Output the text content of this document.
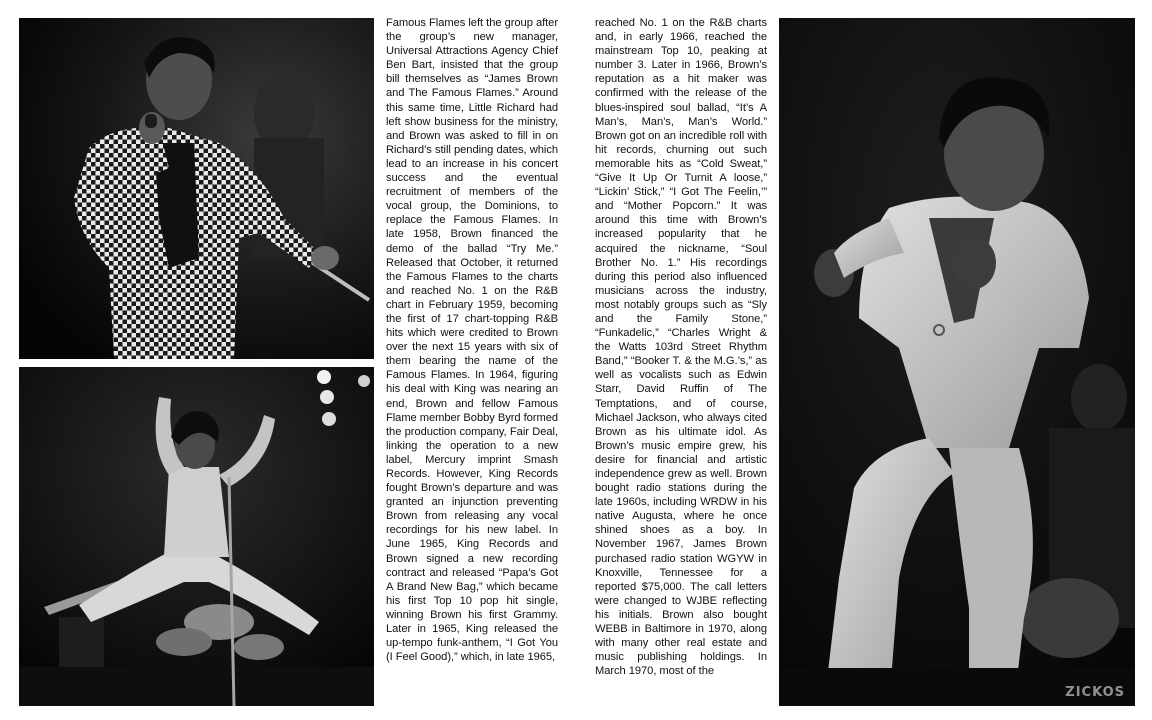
Famous Flames left the group after the group’s new manager, Universal Attractions Agency Chief Ben Bart, insisted that the group bill themselves as “James Brown and The Famous Flames.” Around this same time, Little Richard had left show business for the ministry, and Brown was asked to fill in on Richard’s still pending dates, which lead to an increase in his concert success and the eventual recruitment of members of the vocal group, the Dominions, to replace the Famous Flames. In late 1958, Brown financed the demo of the ballad “Try Me.” Released that October, it returned the Famous Flames to the charts and reached No. 1 on the R&B chart in February 1959, becoming the first of 17 chart-topping R&B hits which were credited to Brown over the next 15 years with six of them bearing the name of the Famous Flames. In 1964, figuring his deal with King was nearing an end, Brown and fellow Famous Flame member Bobby Byrd formed the production company, Fair Deal, linking the operation to a new label, Mercury imprint Smash Records. However, King Records fought Brown’s departure and was granted an injunction preventing Brown from releasing any vocal recordings for his new label. In June 1965, King Records and Brown signed a new recording contract and released “Papa’s Got A Brand New Bag,” which became his first Top 10 pop hit single, winning Brown his first Grammy. Later in 1965, King released the up-tempo funk-anthem, “I Got You (I Feel Good),” which, in late 1965,

reached No. 1 on the R&B charts and, in early 1966, reached the mainstream Top 10, peaking at number 3. Later in 1966, Brown’s reputation as a hit maker was confirmed with the release of the blues-inspired soul ballad, “It’s A Man’s, Man’s, Man’s World.” Brown got on an incredible roll with hit records, churning out such memorable hits as “Cold Sweat,” “Give It Up Or Turnit A loose,” “Lickin’ Stick,” “I Got The Feelin,’” and “Mother Popcorn.” It was around this time with Brown’s increased popularity that he acquired the nickname, “Soul Brother No. 1.” His recordings during this period also influenced musicians across the industry, most notably groups such as “Sly and the Family Stone,” “Funkadelic,” “Charles Wright & the Watts 103rd Street Rhythm Band,” “Booker T. & the M.G.’s,” as well as vocalists such as Edwin Starr, David Ruffin of The Temptations, and of course, Michael Jackson, who always cited Brown as his ultimate idol. As Brown’s music empire grew, his desire for financial and artistic independence grew as well. Brown bought radio stations during the late 1960s, including WRDW in his native Augusta, where he once shined shoes as a boy. In November 1967, James Brown purchased radio station WGYW in Knoxville, Tennessee for a reported $75,000. The call letters were changed to WJBE reflecting his initials. Brown also bought WEBB in Baltimore in 1970, along with many other real estate and music publishing holdings. In March 1970, most of the

ZICKOS
